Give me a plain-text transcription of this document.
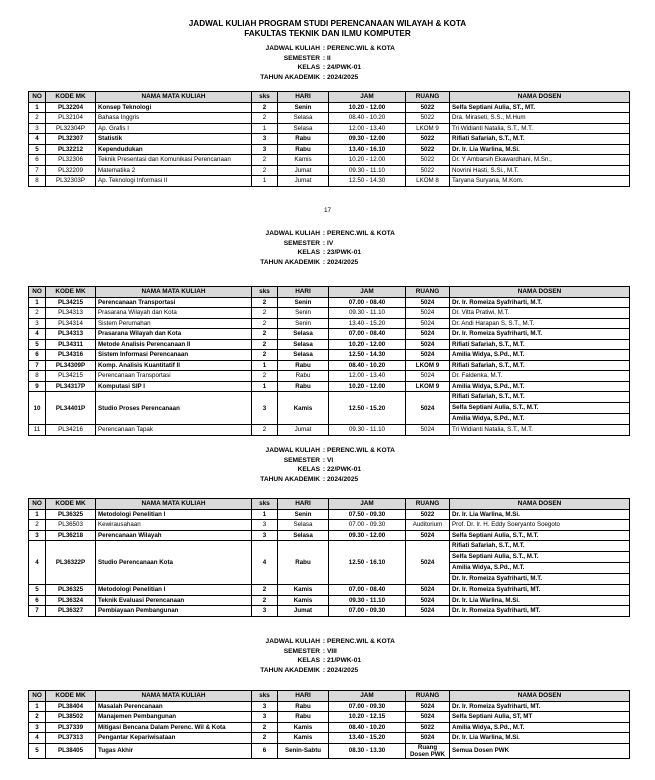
JADWAL KULIAH PROGRAM STUDI PERENCANAAN WILAYAH & KOTA
FAKULTAS TEKNIK DAN ILMU KOMPUTER
JADWAL KULIAH : PERENC.WIL & KOTA
SEMESTER : II
KELAS : 24/PWK-01
TAHUN AKADEMIK : 2024/2025
NO	KODE MK	NAMA MATA KULIAH	sks	HARI	JAM	RUANG	NAMA DOSEN
1	PL32204	Konsep Teknologi	2	Senin	10.20 - 12.00	5022	Selfa Septiani Aulia, ST., MT.
2	PL32104	Bahasa Inggris	2	Selasa	08.40 - 10.20	5022	Dra. Miraseti, S.S., M.Hum
3	PL32304P	Ap. Grafis I	1	Selasa	12.00 - 13.40	LKOM 9	Tri Widianti Natalia, S.T., M.T.
4	PL32307	Statistik	3	Rabu	09.30 - 12.00	5022	Rifiati Safariah, S.T., M.T.
5	PL32212	Kependudukan	3	Rabu	13.40 - 16.10	5022	Dr. Ir. Lia Warlina, M.Si.
6	PL32306	Teknik Presentasi dan Komunikasi Perencanaan	2	Kamis	10.20 - 12.00	5022	Dr. Y Ambarsih Ekawardhani, M.Sn.,
7	PL32209	Matematika 2	2	Jumat	09.30 - 11.10	5022	Novrini Hasti, S.Si., M.T.
8	PL32303P	Ap. Teknologi Informasi II	1	Jumat	12.50 - 14.30	LKOM 8	Taryana Suryana, M.Kom.
17
JADWAL KULIAH : PERENC.WIL & KOTA
SEMESTER : IV
KELAS : 23/PWK-01
TAHUN AKADEMIK : 2024/2025
NO	KODE MK	NAMA MATA KULIAH	sks	HARI	JAM	RUANG	NAMA DOSEN
1	PL34215	Perencanaan Transportasi	2	Senin	07.00 - 08.40	5024	Dr. Ir. Romeiza Syafriharti, M.T.
2	PL34313	Prasarana Wilayah dan Kota	2	Senin	09.30 - 11.10	5024	Dr. Vitta Pratiwi, M.T.
3	PL34314	Sistem Perumahan	2	Senin	13.40 - 15.20	5024	Dr. Andi Harapan S, S.T., M.T.
4	PL34313	Prasarana Wilayah dan Kota	2	Selasa	07.00 - 08.40	5024	Dr. Ir. Romeiza Syafriharti, M.T.
5	PL34311	Metode Analisis Perencanaan II	2	Selasa	10.20 - 12.00	5024	Rifiati Safariah, S.T., M.T.
6	PL34316	Sistem Informasi Perencanaan	2	Selasa	12.50 - 14.30	5024	Amilia Widya, S.Pd., M.T.
7	PL34309P	Komp. Analisis Kuantitatif II	1	Rabu	08.40 - 10.20	LKOM 9	Rifiati Safariah, S.T., M.T.
8	PL34215	Perencanaan Transportasi	2	Rabu	12.00 - 13.40	5024	Dr. Faldenka, M.T.
9	PL34317P	Komputasi SIP I	1	Rabu	10.20 - 12.00	LKOM 9	Amilia Widya, S.Pd., M.T.
10	PL34401P	Studio Proses Perencanaan	3	Kamis	12.50 - 15.20	5024	Rifiati Safariah, S.T., M.T.
Selfa Septiani Aulia, S.T., M.T.
Amilia Widya, S.Pd., M.T.

11	PL34216	Perencanaan Tapak	2	Jumat	09.30 - 11.10	5024	Tri Widianti Natalia, S.T., M.T.
JADWAL KULIAH : PERENC.WIL & KOTA
SEMESTER : VI
KELAS : 22/PWK-01
TAHUN AKADEMIK : 2024/2025
NO	KODE MK	NAMA MATA KULIAH	sks	HARI	JAM	RUANG	NAMA DOSEN
1	PL36325	Metodologi Penelitian I	1	Senin	07.50 - 09.30	5022	Dr. Ir. Lia Warlina, M.Si.
2	PL36503	Kewirausahaan	3	Selasa	07.00 - 09.30	Auditorium	Prof. Dr. Ir. H. Eddy Soeryanto Soegoto
3	PL36218	Perencanaan Wilayah	3	Selasa	09.30 - 12.00	5024	Selfa Septiani Aulia, S.T., M.T.
4	PL36322P	Studio Perencanaan Kota	4	Rabu	12.50 - 16.10	5024	Rifiati Safariah, S.T., M.T.
Selfa Septiani Aulia, S.T., M.T.
Amilia Widya, S.Pd., M.T.
Dr. Ir. Romeiza Syafriharti, M.T.

5	PL36325	Metodologi Penelitian I	2	Kamis	07.00 - 08.40	5024	Dr. Ir. Romeiza Syafriharti, MT.
6	PL36324	Teknik Evaluasi Perencanaan	2	Kamis	09.30 - 11.10	5024	Dr. Ir. Lia Warlina, M.Si.
7	PL36327	Pembiayaan Pembangunan	3	Jumat	07.00 - 09.30	5024	Dr. Ir. Romeiza Syafriharti, MT.
JADWAL KULIAH : PERENC.WIL & KOTA
SEMESTER : VIII
KELAS : 21/PWK-01
TAHUN AKADEMIK : 2024/2025
NO	KODE MK	NAMA MATA KULIAH	sks	HARI	JAM	RUANG	NAMA DOSEN
1	PL38404	Masalah Perencanaan	3	Rabu	07.00 - 09.30	5024	Dr. Ir. Romeiza Syafriharti, MT.
2	PL38502	Manajemen Pembangunan	3	Rabu	10.20 - 12.15	5024	Selfa Septiani Aulia, ST, MT
3	PL37339	Mitigasi Bencana Dalam Perenc. Wil & Kota	2	Kamis	08.40 - 10.20	5022	Amilia Widya, S.Pd., M.T.
4	PL37313	Pengantar Kepariwisataan	2	Kamis	13.40 - 15.20	5024	Dr. Ir. Lia Warlina, M.Si.
5	PL38405	Tugas Akhir	6	Senin-Sabtu	08.30 - 13.30	Ruang Dosen PWK	Semua Dosen PWK
